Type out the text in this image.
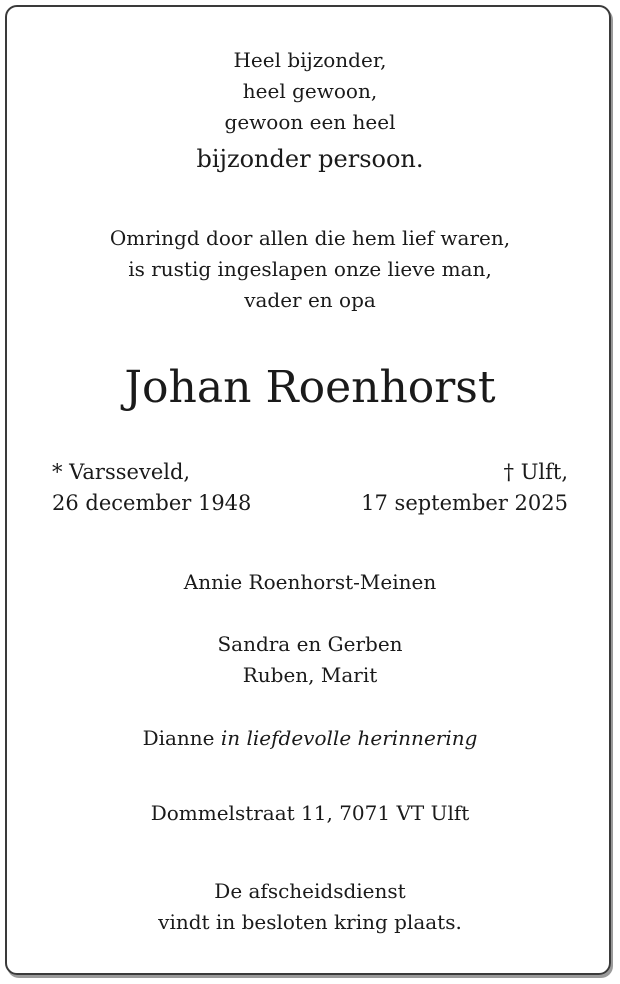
Heel bijzonder,
heel gewoon,
gewoon een heel
bijzonder persoon.
Omringd door allen die hem lief waren,
is rustig ingeslapen onze lieve man,
vader en opa
Johan Roenhorst
* Varsseveld,
26 december 1948
† Ulft,
17 september 2025
Annie Roenhorst-Meinen
Sandra en Gerben
Ruben, Marit
Dianne in liefdevolle herinnering
Dommelstraat 11, 7071 VT Ulft
De afscheidsdienst
vindt in besloten kring plaats.
